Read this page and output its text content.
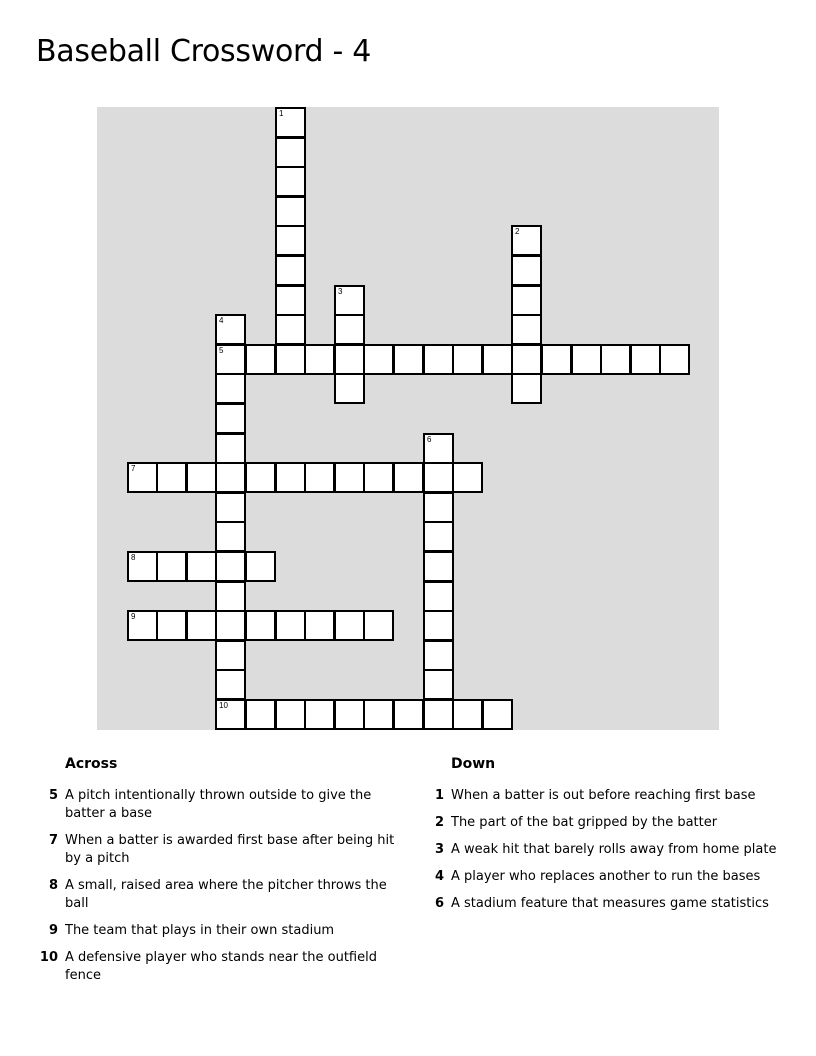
Baseball Crossword - 4
1
2
3
4
5
6
7
8
9
10
Across
5 A pitch intentionally thrown outside to give the batter a base
7 When a batter is awarded first base after being hit by a pitch
8 A small, raised area where the pitcher throws the ball
9 The team that plays in their own stadium
10 A defensive player who stands near the outfield fence
Down
1 When a batter is out before reaching first base
2 The part of the bat gripped by the batter
3 A weak hit that barely rolls away from home plate
4 A player who replaces another to run the bases
6 A stadium feature that measures game statistics
